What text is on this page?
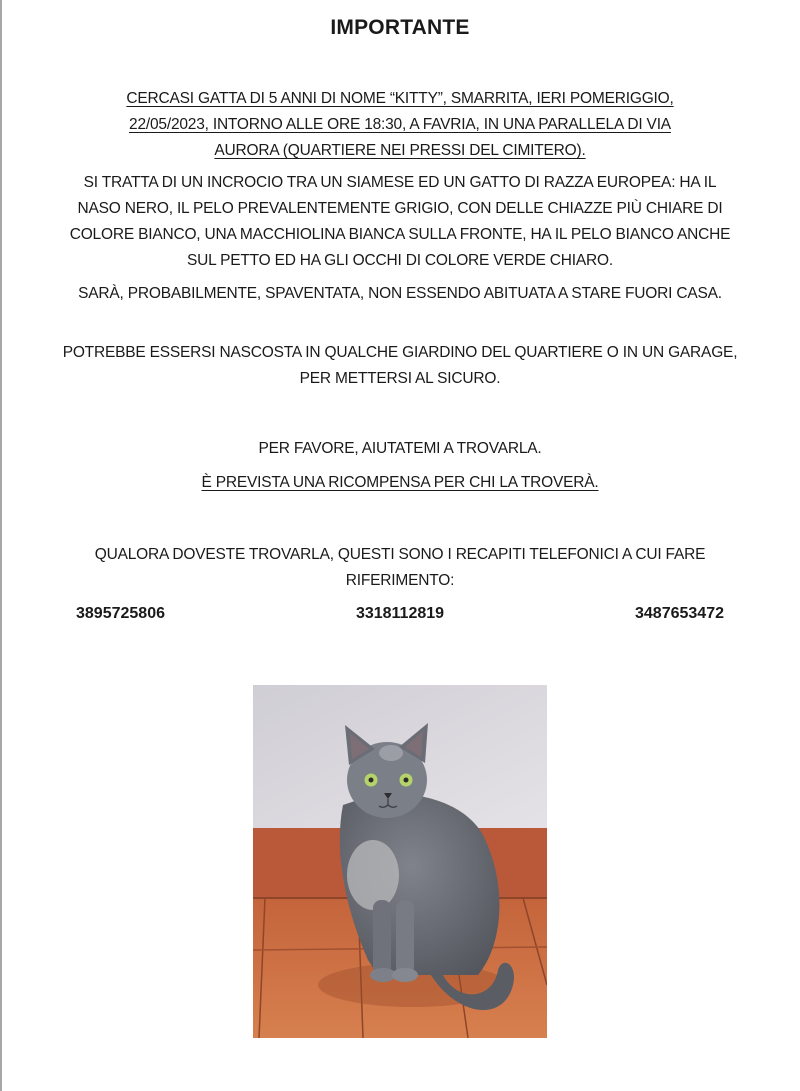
IMPORTANTE
CERCASI GATTA DI 5 ANNI DI NOME “KITTY”, SMARRITA, IERI POMERIGGIO, 22/05/2023, INTORNO ALLE ORE 18:30, A FAVRIA, IN UNA PARALLELA DI VIA AURORA (QUARTIERE NEI PRESSI DEL CIMITERO).
SI TRATTA DI UN INCROCIO TRA UN SIAMESE ED UN GATTO DI RAZZA EUROPEA: HA IL NASO NERO, IL PELO PREVALENTEMENTE GRIGIO, CON DELLE CHIAZZE PIÙ CHIARE DI COLORE BIANCO, UNA MACCHIOLINA BIANCA SULLA FRONTE, HA IL PELO BIANCO ANCHE SUL PETTO ED HA GLI OCCHI DI COLORE VERDE CHIARO.
SARÀ, PROBABILMENTE, SPAVENTATA, NON ESSENDO ABITUATA A STARE FUORI CASA.
POTREBBE ESSERSI NASCOSTA IN QUALCHE GIARDINO DEL QUARTIERE O IN UN GARAGE, PER METTERSI AL SICURO.
PER FAVORE, AIUTATEMI A TROVARLA.
È PREVISTA UNA RICOMPENSA PER CHI LA TROVERÀ.
QUALORA DOVESTE TROVARLA, QUESTI SONO I RECAPITI TELEFONICI A CUI FARE RIFERIMENTO:
3895725806	3318112819	3487653472
